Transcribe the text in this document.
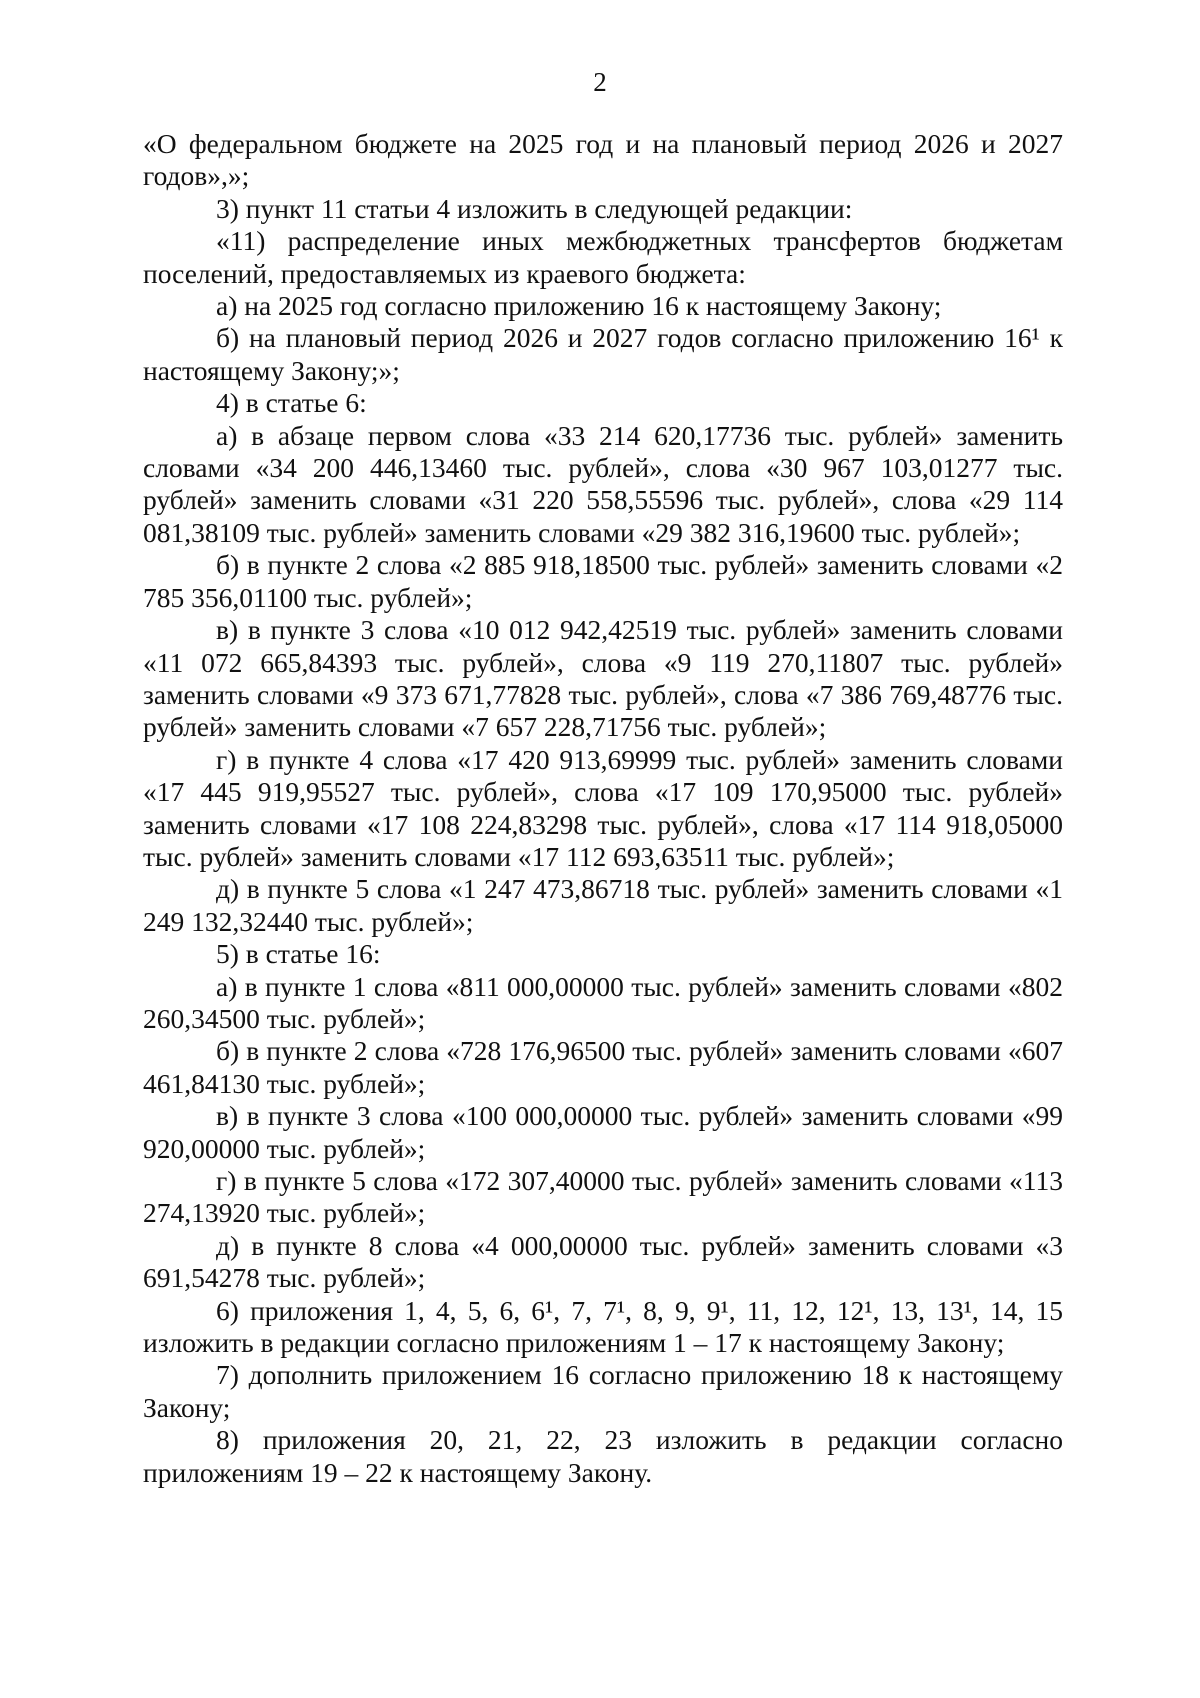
2

«О федеральном бюджете на 2025 год и на плановый период 2026 и 2027 годов»,»;

3) пункт 11 статьи 4 изложить в следующей редакции:

«11) распределение иных межбюджетных трансфертов бюджетам поселений, предоставляемых из краевого бюджета:

а) на 2025 год согласно приложению 16 к настоящему Закону;

б) на плановый период 2026 и 2027 годов согласно приложению 16¹ к настоящему Закону;»;

4) в статье 6:

а) в абзаце первом слова «33 214 620,17736 тыс. рублей» заменить словами «34 200 446,13460 тыс. рублей», слова «30 967 103,01277 тыс. рублей» заменить словами «31 220 558,55596 тыс. рублей», слова «29 114 081,38109 тыс. рублей» заменить словами «29 382 316,19600 тыс. рублей»;

б) в пункте 2 слова «2 885 918,18500 тыс. рублей» заменить словами «2 785 356,01100 тыс. рублей»;

в) в пункте 3 слова «10 012 942,42519 тыс. рублей» заменить словами «11 072 665,84393 тыс. рублей», слова «9 119 270,11807 тыс. рублей» заменить словами «9 373 671,77828 тыс. рублей», слова «7 386 769,48776 тыс. рублей» заменить словами «7 657 228,71756 тыс. рублей»;

г) в пункте 4 слова «17 420 913,69999 тыс. рублей» заменить словами «17 445 919,95527 тыс. рублей», слова «17 109 170,95000 тыс. рублей» заменить словами «17 108 224,83298 тыс. рублей», слова «17 114 918,05000 тыс. рублей» заменить словами «17 112 693,63511 тыс. рублей»;

д) в пункте 5 слова «1 247 473,86718 тыс. рублей» заменить словами «1 249 132,32440 тыс. рублей»;

5) в статье 16:

а) в пункте 1 слова «811 000,00000 тыс. рублей» заменить словами «802 260,34500 тыс. рублей»;

б) в пункте 2 слова «728 176,96500 тыс. рублей» заменить словами «607 461,84130 тыс. рублей»;

в) в пункте 3 слова «100 000,00000 тыс. рублей» заменить словами «99 920,00000 тыс. рублей»;

г) в пункте 5 слова «172 307,40000 тыс. рублей» заменить словами «113 274,13920 тыс. рублей»;

д) в пункте 8 слова «4 000,00000 тыс. рублей» заменить словами «3 691,54278 тыс. рублей»;

6) приложения 1, 4, 5, 6, 6¹, 7, 7¹, 8, 9, 9¹, 11, 12, 12¹, 13, 13¹, 14, 15 изложить в редакции согласно приложениям 1 – 17 к настоящему Закону;

7) дополнить приложением 16 согласно приложению 18 к настоящему Закону;

8) приложения 20, 21, 22, 23 изложить в редакции согласно приложениям 19 – 22 к настоящему Закону.
